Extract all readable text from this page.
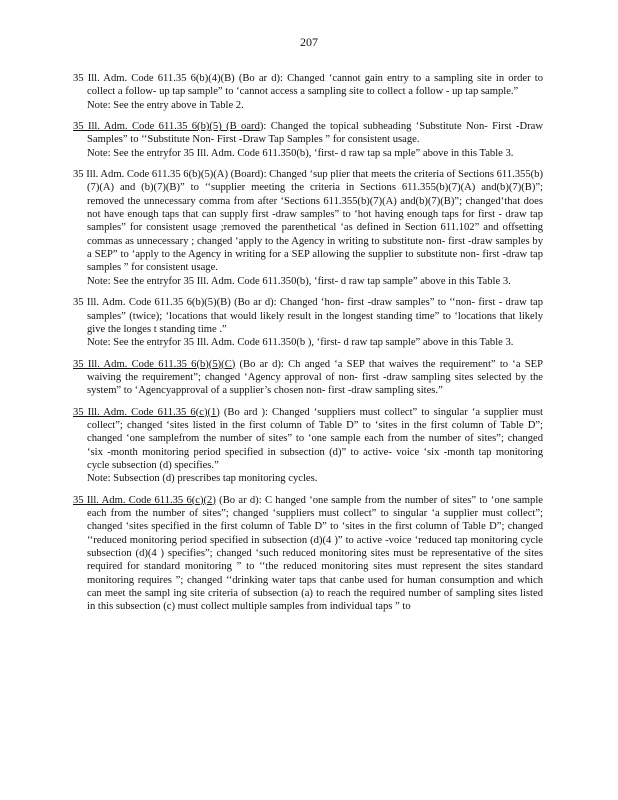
207
35 Ill. Adm. Code 611.35 6(b)(4)(B) (Bo ar d): Changed ‘cannot gain entry to a sampling site in order to collect a follow- up tap sample” to ‘cannot access a sampling site to collect a follow - up tap sample.”
Note: See the entry above in Table 2.
35 Ill. Adm. Code 611.35 6(b)(5) (B oard): Changed the topical subheading ‘Substitute Non- First -Draw Samples” to ‘‘Substitute Non- First -Draw Tap Samples ” for consistent usage.
Note: See the entryfor 35 Ill. Adm. Code 611.350(b), ‘first- d raw tap sa mple” above in this Table 3.
35 Ill. Adm. Code 611.35 6(b)(5)(A) (Board): Changed ‘sup plier that meets the criteria of Sections 611.355(b)(7)(A) and (b)(7)(B)” to ‘‘supplier meeting the criteria in Sections 611.355(b)(7)(A) and(b)(7)(B)”; removed the unnecessary comma from after ‘Sections 611.355(b)(7)(A) and(b)(7)(B)”; changed‘that does not have enough taps that can supply first -draw samples” to ‘hot having enough taps for first - draw tap samples” for consistent usage ;removed the parenthetical ‘as defined in Section 611.102” and offsetting commas as unnecessary ; changed ‘apply to the Agency in writing to substitute non- first -draw samples by a SEP” to ‘apply to the Agency in writing for a SEP allowing the supplier to substitute non- first -draw tap samples ” for consistent usage.
Note: See the entryfor 35 Ill. Adm. Code 611.350(b), ‘first- d raw tap sample” above in this Table 3.
35 Ill. Adm. Code 611.35 6(b)(5)(B) (Bo ar d): Changed ‘hon- first -draw samples” to ‘‘non- first - draw tap samples” (twice); ‘locations that would likely result in the longest standing time” to ‘locations that likely give the longes t standing time .”
Note: See the entryfor 35 Ill. Adm. Code 611.350(b ), ‘first- d raw tap sample” above in this Table 3.
35 Ill. Adm. Code 611.35 6(b)(5)(C) (Bo ar d): Ch anged ‘a SEP that waives the requirement” to ‘a SEP waiving the requirement”; changed ‘Agency approval of non- first -draw sampling sites selected by the system” to ‘Agencyapproval of a supplier’s chosen non- first -draw sampling sites.”
35 Ill. Adm. Code 611.35 6(c)(1) (Bo ard ): Changed ‘suppliers must collect” to singular ‘a supplier must collect”; changed ‘sites listed in the first column of Table D” to ‘sites in the first column of Table D”; changed ‘one samplefrom the number of sites” to ‘one sample each from the number of sites”; changed ‘six -month monitoring period specified in subsection (d)” to active- voice ‘six -month tap monitoring cycle subsection (d) specifies.”
Note: Subsection (d) prescribes tap monitoring cycles.
35 Ill. Adm. Code 611.35 6(c)(2) (Bo ar d): C hanged ‘one sample from the number of sites” to ‘one sample each from the number of sites”; changed ‘suppliers must collect” to singular ‘a supplier must collect”; changed ‘sites specified in the first column of Table D” to ‘sites in the first column of Table D”; changed ‘‘reduced monitoring period specified in subsection (d)(4 )” to active -voice ‘reduced tap monitoring cycle subsection (d)(4 ) specifies”; changed ‘such reduced monitoring sites must be representative of the sites required for standard monitoring ” to ‘‘the reduced monitoring sites must represent the sites standard monitoring requires ”; changed ‘‘drinking water taps that canbe used for human consumption and which can meet the sampl ing site criteria of subsection (a) to reach the required number of sampling sites listed in this subsection (c) must collect multiple samples from individual taps ” to
